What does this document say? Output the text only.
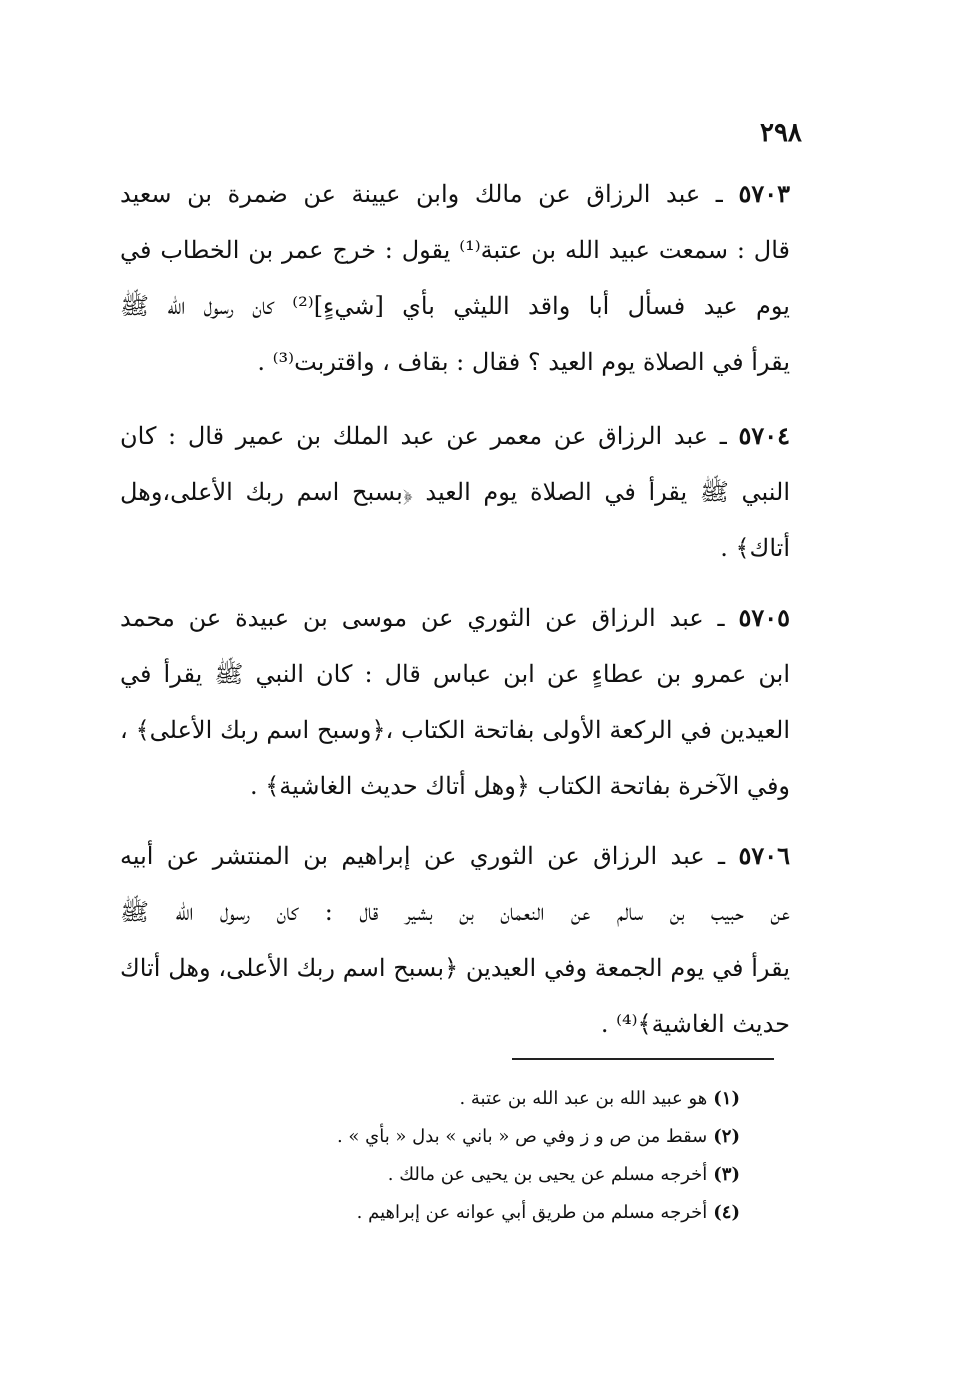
٢٩٨
٥٧٠٣ ـ عبد الرزاق عن مالك وابن عيينة عن ضمرة بن سعيد
قال : سمعت عبيد الله بن عتبة⁽¹⁾ يقول : خرج عمر بن الخطاب في
يوم عيد فسأل أبا واقد الليثي بأي [شيءٍ]⁽²⁾ كان رسول الله ﷺ
يقرأ في الصلاة يوم العيد ؟ فقال : بقاف ، واقتربت⁽³⁾ .
٥٧٠٤ ـ عبد الرزاق عن معمر عن عبد الملك بن عمير قال : كان
النبي ﷺ يقرأ في الصلاة يوم العيد ﴿بسبح اسم ربك الأعلى،وهل
أتاك﴾ .
٥٧٠٥ ـ عبد الرزاق عن الثوري عن موسى بن عبيدة عن محمد
ابن عمرو بن عطاءٍ عن ابن عباس قال : كان النبي ﷺ يقرأ في
العيدين في الركعة الأولى بفاتحة الكتاب ،﴿وسبح اسم ربك الأعلى﴾ ،
وفي الآخرة بفاتحة الكتاب ﴿وهل أتاك حديث الغاشية﴾ .
٥٧٠٦ ـ عبد الرزاق عن الثوري عن إبراهيم بن المنتشر عن أبيه
عن حبيب بن سالم عن النعمان بن بشير قال : كان رسول الله ﷺ
يقرأ في يوم الجمعة وفي العيدين ﴿بسبح اسم ربك الأعلى، وهل أتاك
حديث الغاشية﴾⁽⁴⁾ .
(١)هو عبيد الله بن عبد الله بن عتبة .
(٢)سقط من ص و ز وفي ص « باني » بدل « بأي » .
(٣)أخرجه مسلم عن يحيى بن يحيى عن مالك .
(٤)أخرجه مسلم من طريق أبي عوانه عن إبراهيم .
